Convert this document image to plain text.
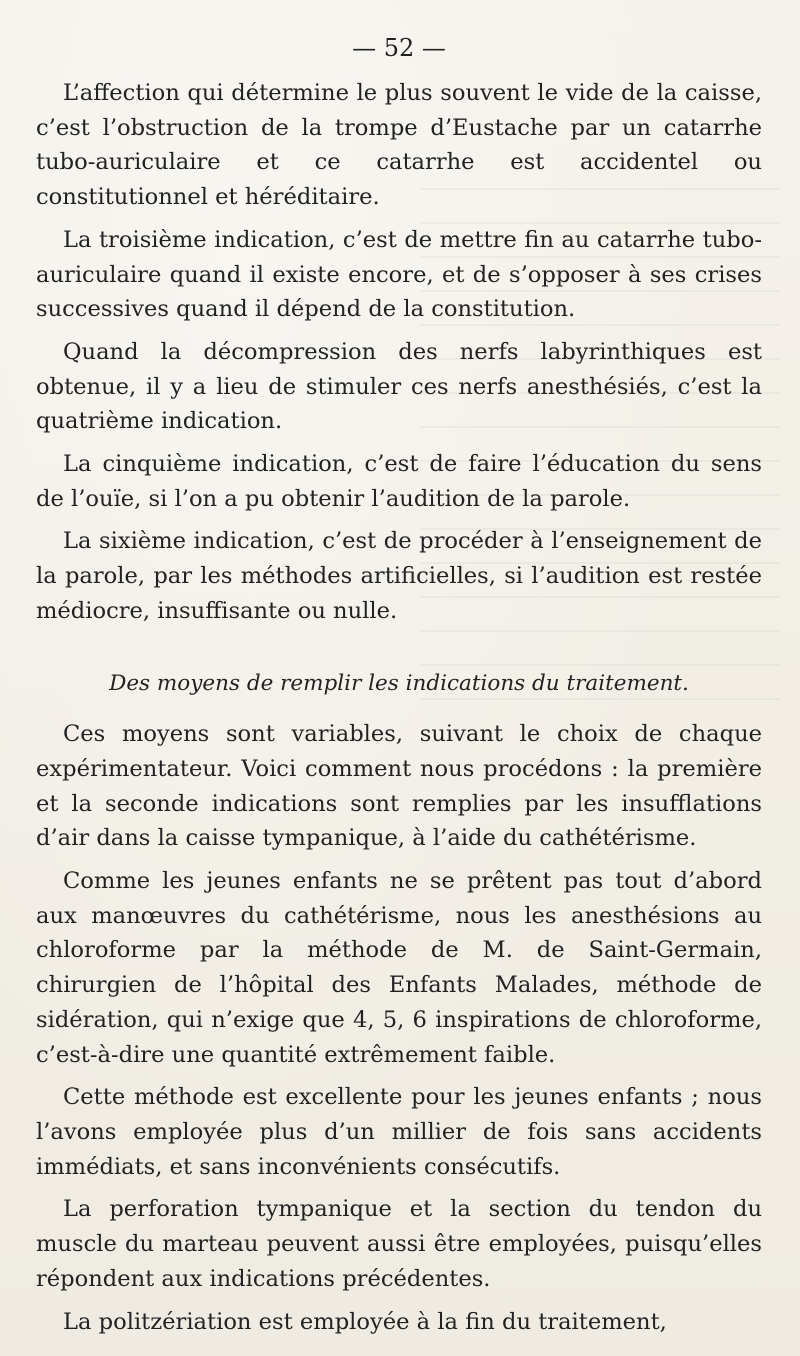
— 52 —

L’affection qui détermine le plus souvent le vide de la caisse, c’est l’obstruction de la trompe d’Eustache par un catarrhe tubo-auriculaire et ce catarrhe est accidentel ou constitutionnel et héréditaire.

La troisième indication, c’est de mettre fin au catarrhe tubo-auriculaire quand il existe encore, et de s’opposer à ses crises successives quand il dépend de la constitution.

Quand la décompression des nerfs labyrinthiques est obtenue, il y a lieu de stimuler ces nerfs anesthésiés, c’est la quatrième indication.

La cinquième indication, c’est de faire l’éducation du sens de l’ouïe, si l’on a pu obtenir l’audition de la parole.

La sixième indication, c’est de procéder à l’enseignement de la parole, par les méthodes artificielles, si l’audition est restée médiocre, insuffisante ou nulle.

Des moyens de remplir les indications du traitement.

Ces moyens sont variables, suivant le choix de chaque expérimentateur. Voici comment nous procédons : la première et la seconde indications sont remplies par les insufflations d’air dans la caisse tympanique, à l’aide du cathétérisme.

Comme les jeunes enfants ne se prêtent pas tout d’abord aux manœuvres du cathétérisme, nous les anesthésions au chloroforme par la méthode de M. de Saint-Germain, chirurgien de l’hôpital des Enfants Malades, méthode de sidération, qui n’exige que 4, 5, 6 inspirations de chloroforme, c’est-à-dire une quantité extrêmement faible.

Cette méthode est excellente pour les jeunes enfants ; nous l’avons employée plus d’un millier de fois sans accidents immédiats, et sans inconvénients consécutifs.

La perforation tympanique et la section du tendon du muscle du marteau peuvent aussi être employées, puisqu’elles répondent aux indications précédentes.

La politzériation est employée à la fin du traitement,
